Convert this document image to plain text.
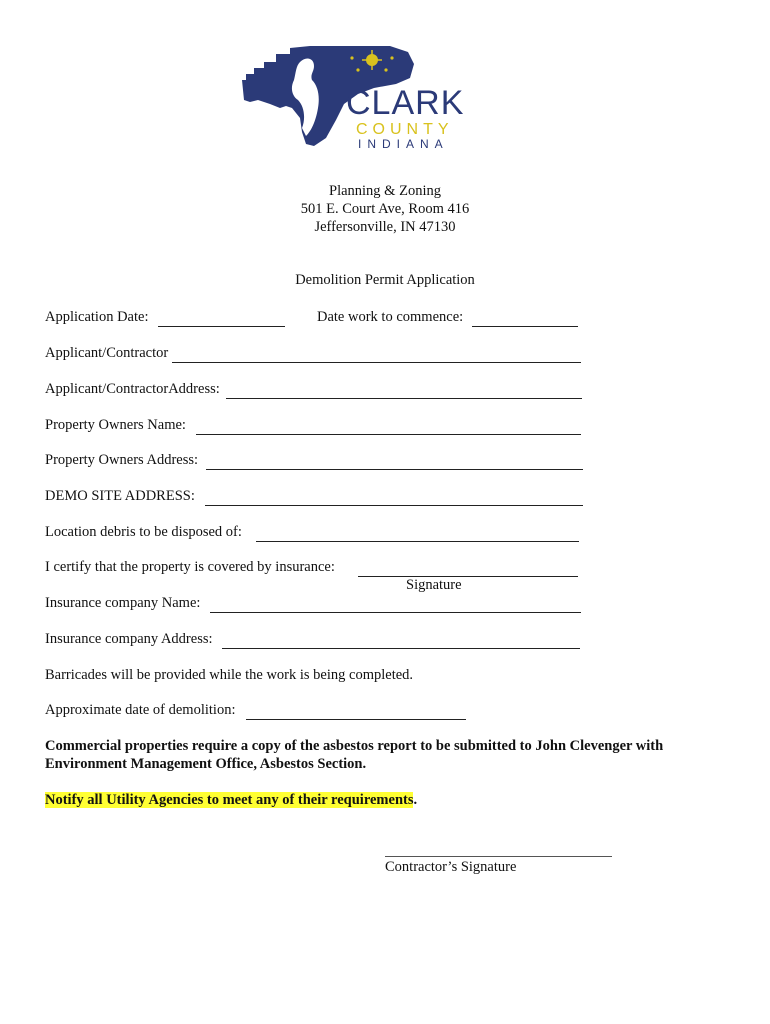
CLARK
COUNTY
INDIANA
Planning & Zoning
501 E. Court Ave, Room 416
Jeffersonville, IN 47130
Demolition Permit Application
Application Date:	Date work to commence:
Applicant/Contractor
Applicant/ContractorAddress:
Property Owners Name:
Property Owners Address:
DEMO SITE ADDRESS:
Location debris to be disposed of:
I certify that the property is covered by insurance:
Signature
Insurance company Name:
Insurance company Address:
Barricades will be provided while the work is being completed.
Approximate date of demolition:
Commercial properties require a copy of the asbestos report to be submitted to John Clevenger with
Environment Management Office, Asbestos Section.
Notify all Utility Agencies to meet any of their requirements.
Contractor’s Signature
